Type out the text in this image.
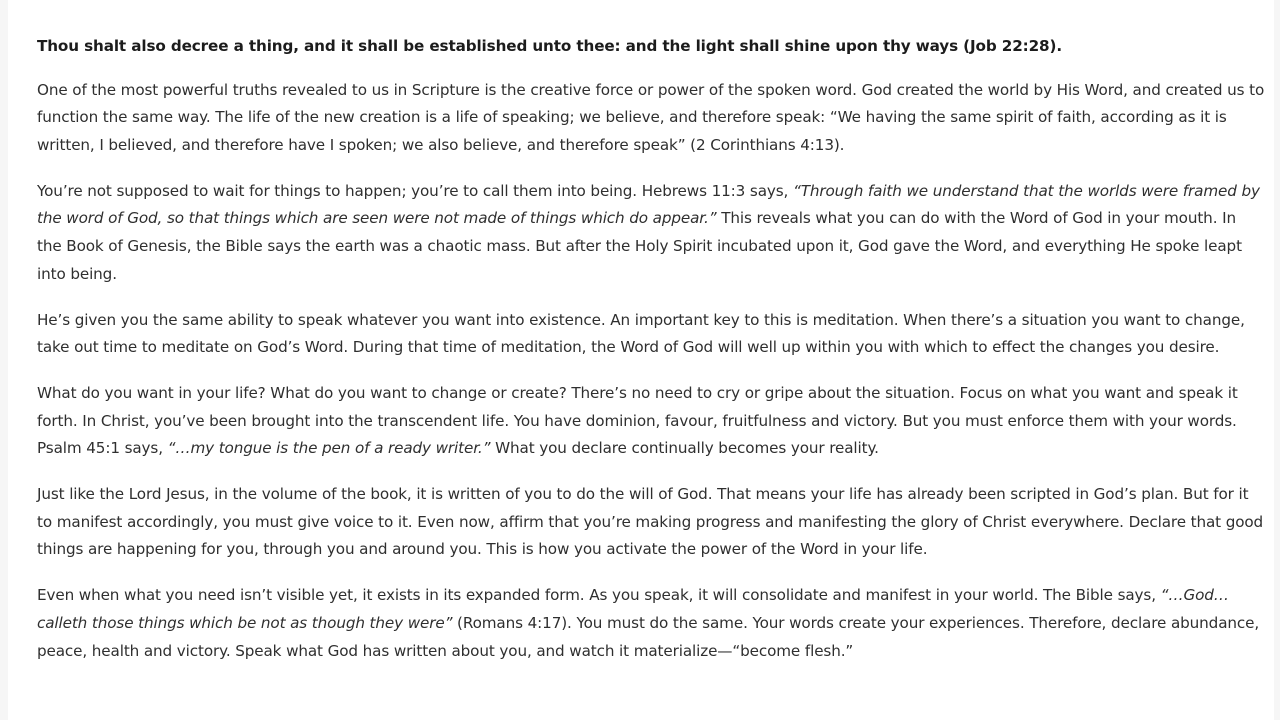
Thou shalt also decree a thing, and it shall be established unto thee: and the light shall shine upon thy ways (Job 22:28).

One of the most powerful truths revealed to us in Scripture is the creative force or power of the spoken word. God created the world by His Word, and created us to function the same way. The life of the new creation is a life of speaking; we believe, and therefore speak: “We having the same spirit of faith, according as it is written, I believed, and therefore have I spoken; we also believe, and therefore speak” (2 Corinthians 4:13).

You’re not supposed to wait for things to happen; you’re to call them into being. Hebrews 11:3 says, “Through faith we understand that the worlds were framed by the word of God, so that things which are seen were not made of things which do appear.” This reveals what you can do with the Word of God in your mouth. In the Book of Genesis, the Bible says the earth was a chaotic mass. But after the Holy Spirit incubated upon it, God gave the Word, and everything He spoke leapt into being.

He’s given you the same ability to speak whatever you want into existence. An important key to this is meditation. When there’s a situation you want to change, take out time to meditate on God’s Word. During that time of meditation, the Word of God will well up within you with which to effect the changes you desire.

What do you want in your life? What do you want to change or create? There’s no need to cry or gripe about the situation. Focus on what you want and speak it forth. In Christ, you’ve been brought into the transcendent life. You have dominion, favour, fruitfulness and victory. But you must enforce them with your words. Psalm 45:1 says, “…my tongue is the pen of a ready writer.” What you declare continually becomes your reality.

Just like the Lord Jesus, in the volume of the book, it is written of you to do the will of God. That means your life has already been scripted in God’s plan. But for it to manifest accordingly, you must give voice to it. Even now, affirm that you’re making progress and manifesting the glory of Christ everywhere. Declare that good things are happening for you, through you and around you. This is how you activate the power of the Word in your life.

Even when what you need isn’t visible yet, it exists in its expanded form. As you speak, it will consolidate and manifest in your world. The Bible says, “…God…calleth those things which be not as though they were” (Romans 4:17). You must do the same. Your words create your experiences. Therefore, declare abundance, peace, health and victory. Speak what God has written about you, and watch it materialize—“become flesh.”
